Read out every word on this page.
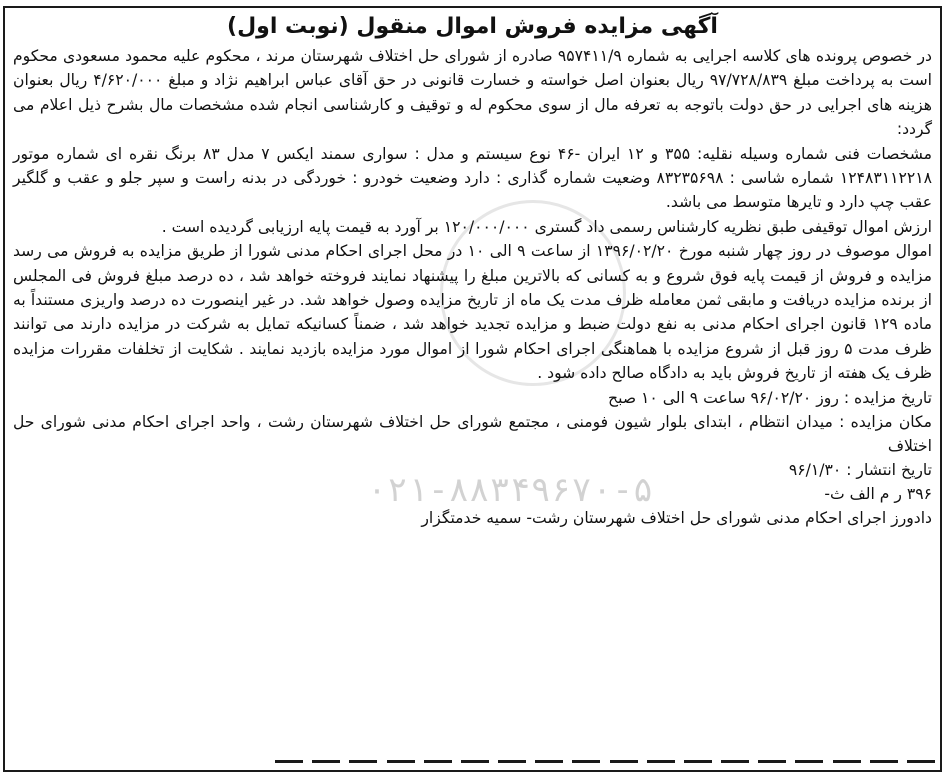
۰۲۱-۸۸۳۴۹۶۷۰-۵
آگهی مزایده فروش اموال منقول (نوبت اول)

در خصوص پرونده های کلاسه اجرایی به شماره ۹۵۷۴۱۱/۹ صادره از شورای حل اختلاف شهرستان مرند ، محکوم علیه محمود مسعودی محکوم است به پرداخت مبلغ ۹۷/۷۲۸/۸۳۹ ریال بعنوان اصل خواسته و خسارت قانونی در حق آقای عباس ابراهیم نژاد و مبلغ ۴/۶۲۰/۰۰۰ ریال بعنوان هزینه های اجرایی در حق دولت باتوجه به تعرفه مال از سوی محکوم له و توقیف و کارشناسی انجام شده مشخصات مال بشرح ذیل اعلام می گردد:

مشخصات فنی شماره وسیله نقلیه: ۳۵۵ و ۱۲ ایران -۴۶ نوع سیستم و مدل : سواری سمند ایکس ۷ مدل ۸۳ برنگ نقره ای شماره موتور ۱۲۴۸۳۱۱۲۲۱۸ شماره شاسی : ۸۳۲۳۵۶۹۸ وضعیت شماره گذاری : دارد وضعیت خودرو : خوردگی در بدنه راست و سپر جلو و عقب و گلگیر عقب چپ دارد و تایرها متوسط می باشد.

ارزش اموال توقیفی طبق نظریه کارشناس رسمی داد گستری ۱۲۰/۰۰۰/۰۰۰ بر آورد به قیمت پایه ارزیابی گردیده است .

اموال موصوف در روز چهار شنبه مورخ ۱۳۹۶/۰۲/۲۰ از ساعت ۹ الی ۱۰ در محل اجرای احکام مدنی شورا از طریق مزایده به فروش می رسد مزایده و فروش از قیمت پایه فوق شروع و به کسانی که بالاترین مبلغ را پیشنهاد نمایند فروخته خواهد شد ، ده درصد مبلغ فروش فی المجلس از برنده مزایده دریافت و مابقی ثمن معامله ظرف مدت یک ماه از تاریخ مزایده وصول خواهد شد. در غیر اینصورت ده درصد واریزی مستنداً به ماده ۱۲۹ قانون اجرای احکام مدنی به نفع دولت ضبط و مزایده تجدید خواهد شد ، ضمناً کسانیکه تمایل به شرکت در مزایده دارند می توانند ظرف مدت ۵ روز قبل از شروع مزایده با هماهنگی اجرای احکام شورا از اموال مورد مزایده بازدید نمایند . شکایت از تخلفات مقررات مزایده ظرف یک هفته از تاریخ فروش باید به دادگاه صالح داده شود .

تاریخ مزایده : روز ۹۶/۰۲/۲۰ ساعت ۹ الی ۱۰ صبح

مکان مزایده : میدان انتظام ، ابتدای بلوار شیون فومنی ، مجتمع شورای حل اختلاف شهرستان رشت ، واحد اجرای احکام مدنی شورای حل اختلاف

تاریخ انتشار : ۹۶/۱/۳۰

۳۹۶ ر م الف ث-

دادورز اجرای احکام مدنی شورای حل اختلاف شهرستان رشت- سمیه خدمتگزار
